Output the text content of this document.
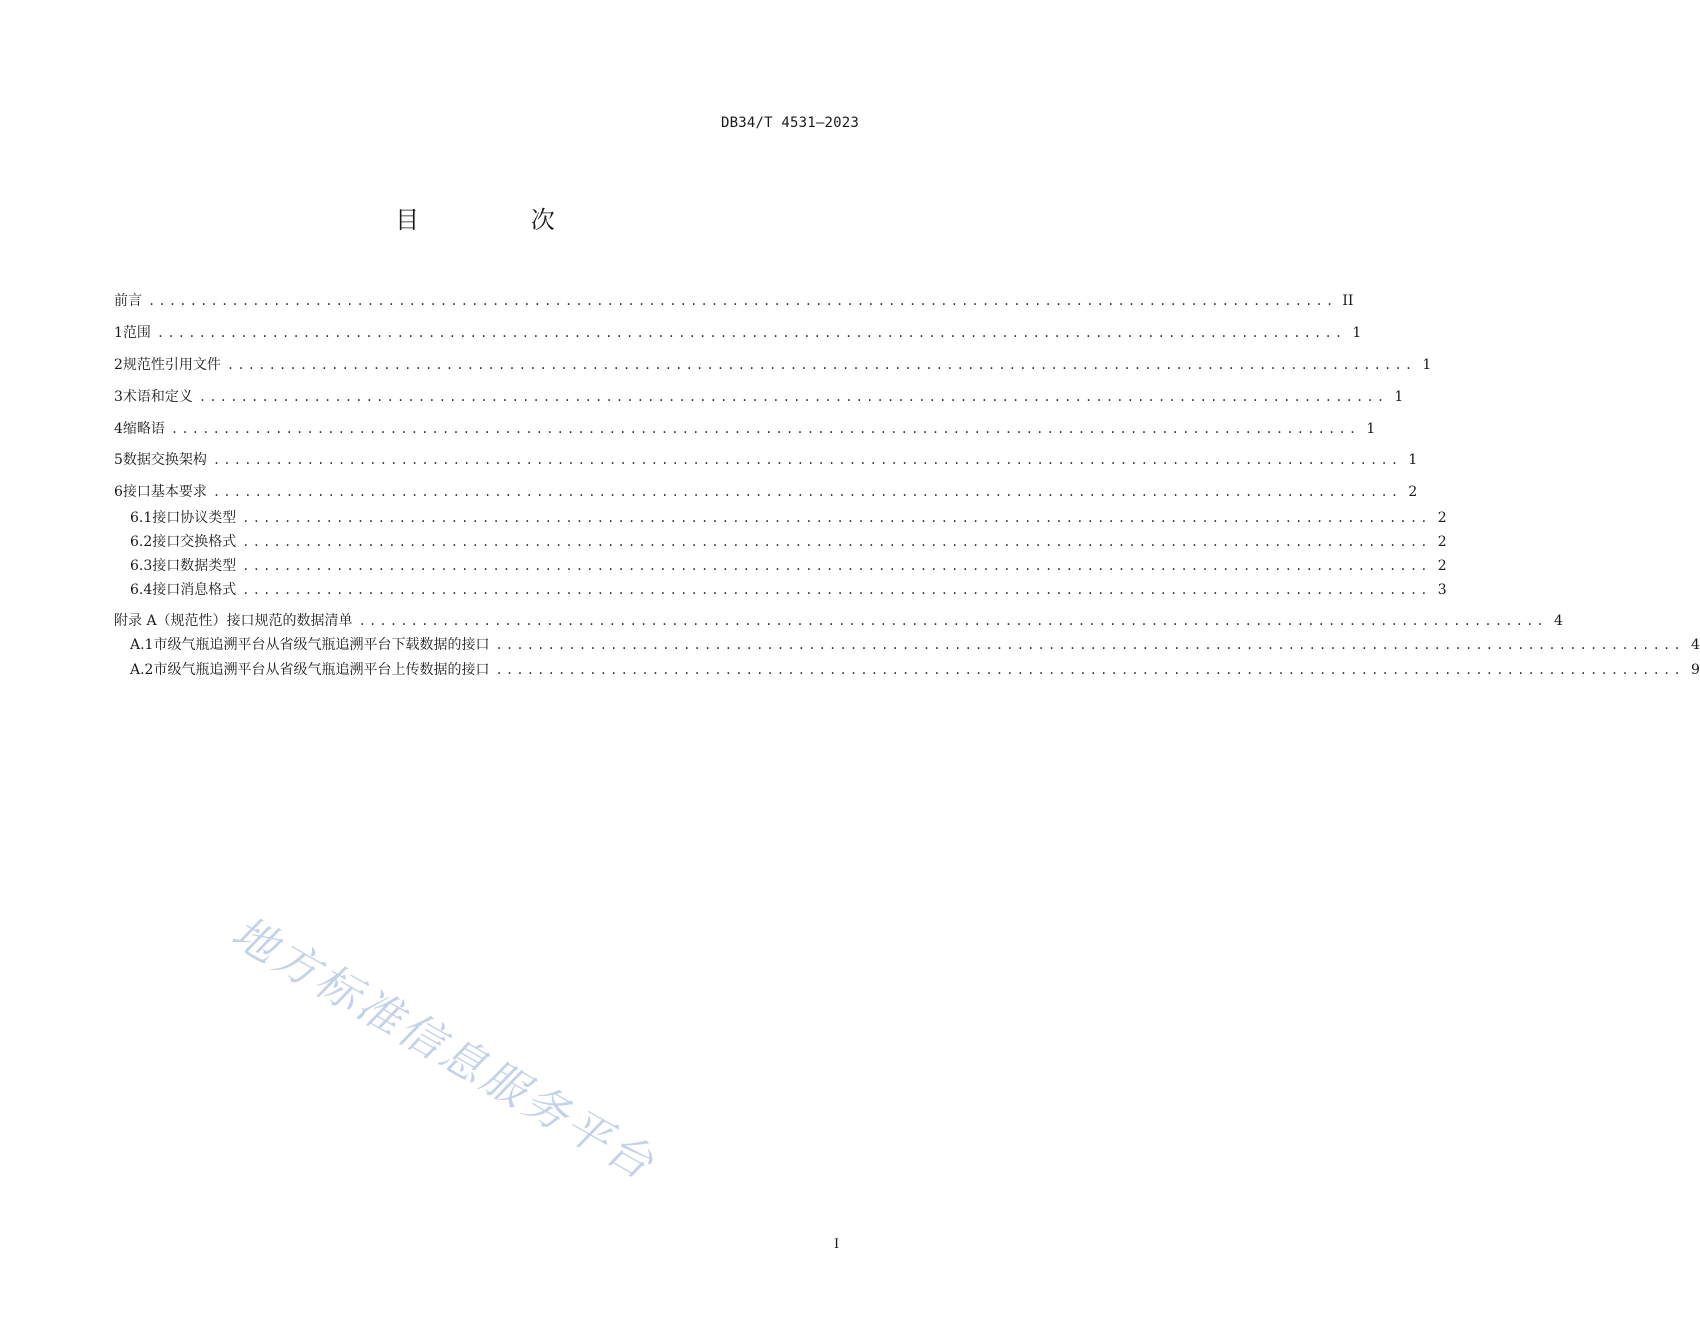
DB34/T 4531—2023
目 次
前言 .................................................................................................................. II
1 范围 .................................................................................................................. 1
2 规范性引用文件 .................................................................................................................. 1
3 术语和定义 .................................................................................................................. 1
4 缩略语 .................................................................................................................. 1
5 数据交换架构 .................................................................................................................. 1
6 接口基本要求 .................................................................................................................. 2
6.1 接口协议类型 .................................................................................................................. 2
6.2 接口交换格式 .................................................................................................................. 2
6.3 接口数据类型 .................................................................................................................. 2
6.4 接口消息格式 .................................................................................................................. 3
附录 A（规范性） 接口规范的数据清单 .................................................................................................................. 4
A.1 市级气瓶追溯平台从省级气瓶追溯平台下载数据的接口 .................................................................................................................. 4
A.2 市级气瓶追溯平台从省级气瓶追溯平台上传数据的接口 .................................................................................................................. 9
地方标准信息服务平台
I
